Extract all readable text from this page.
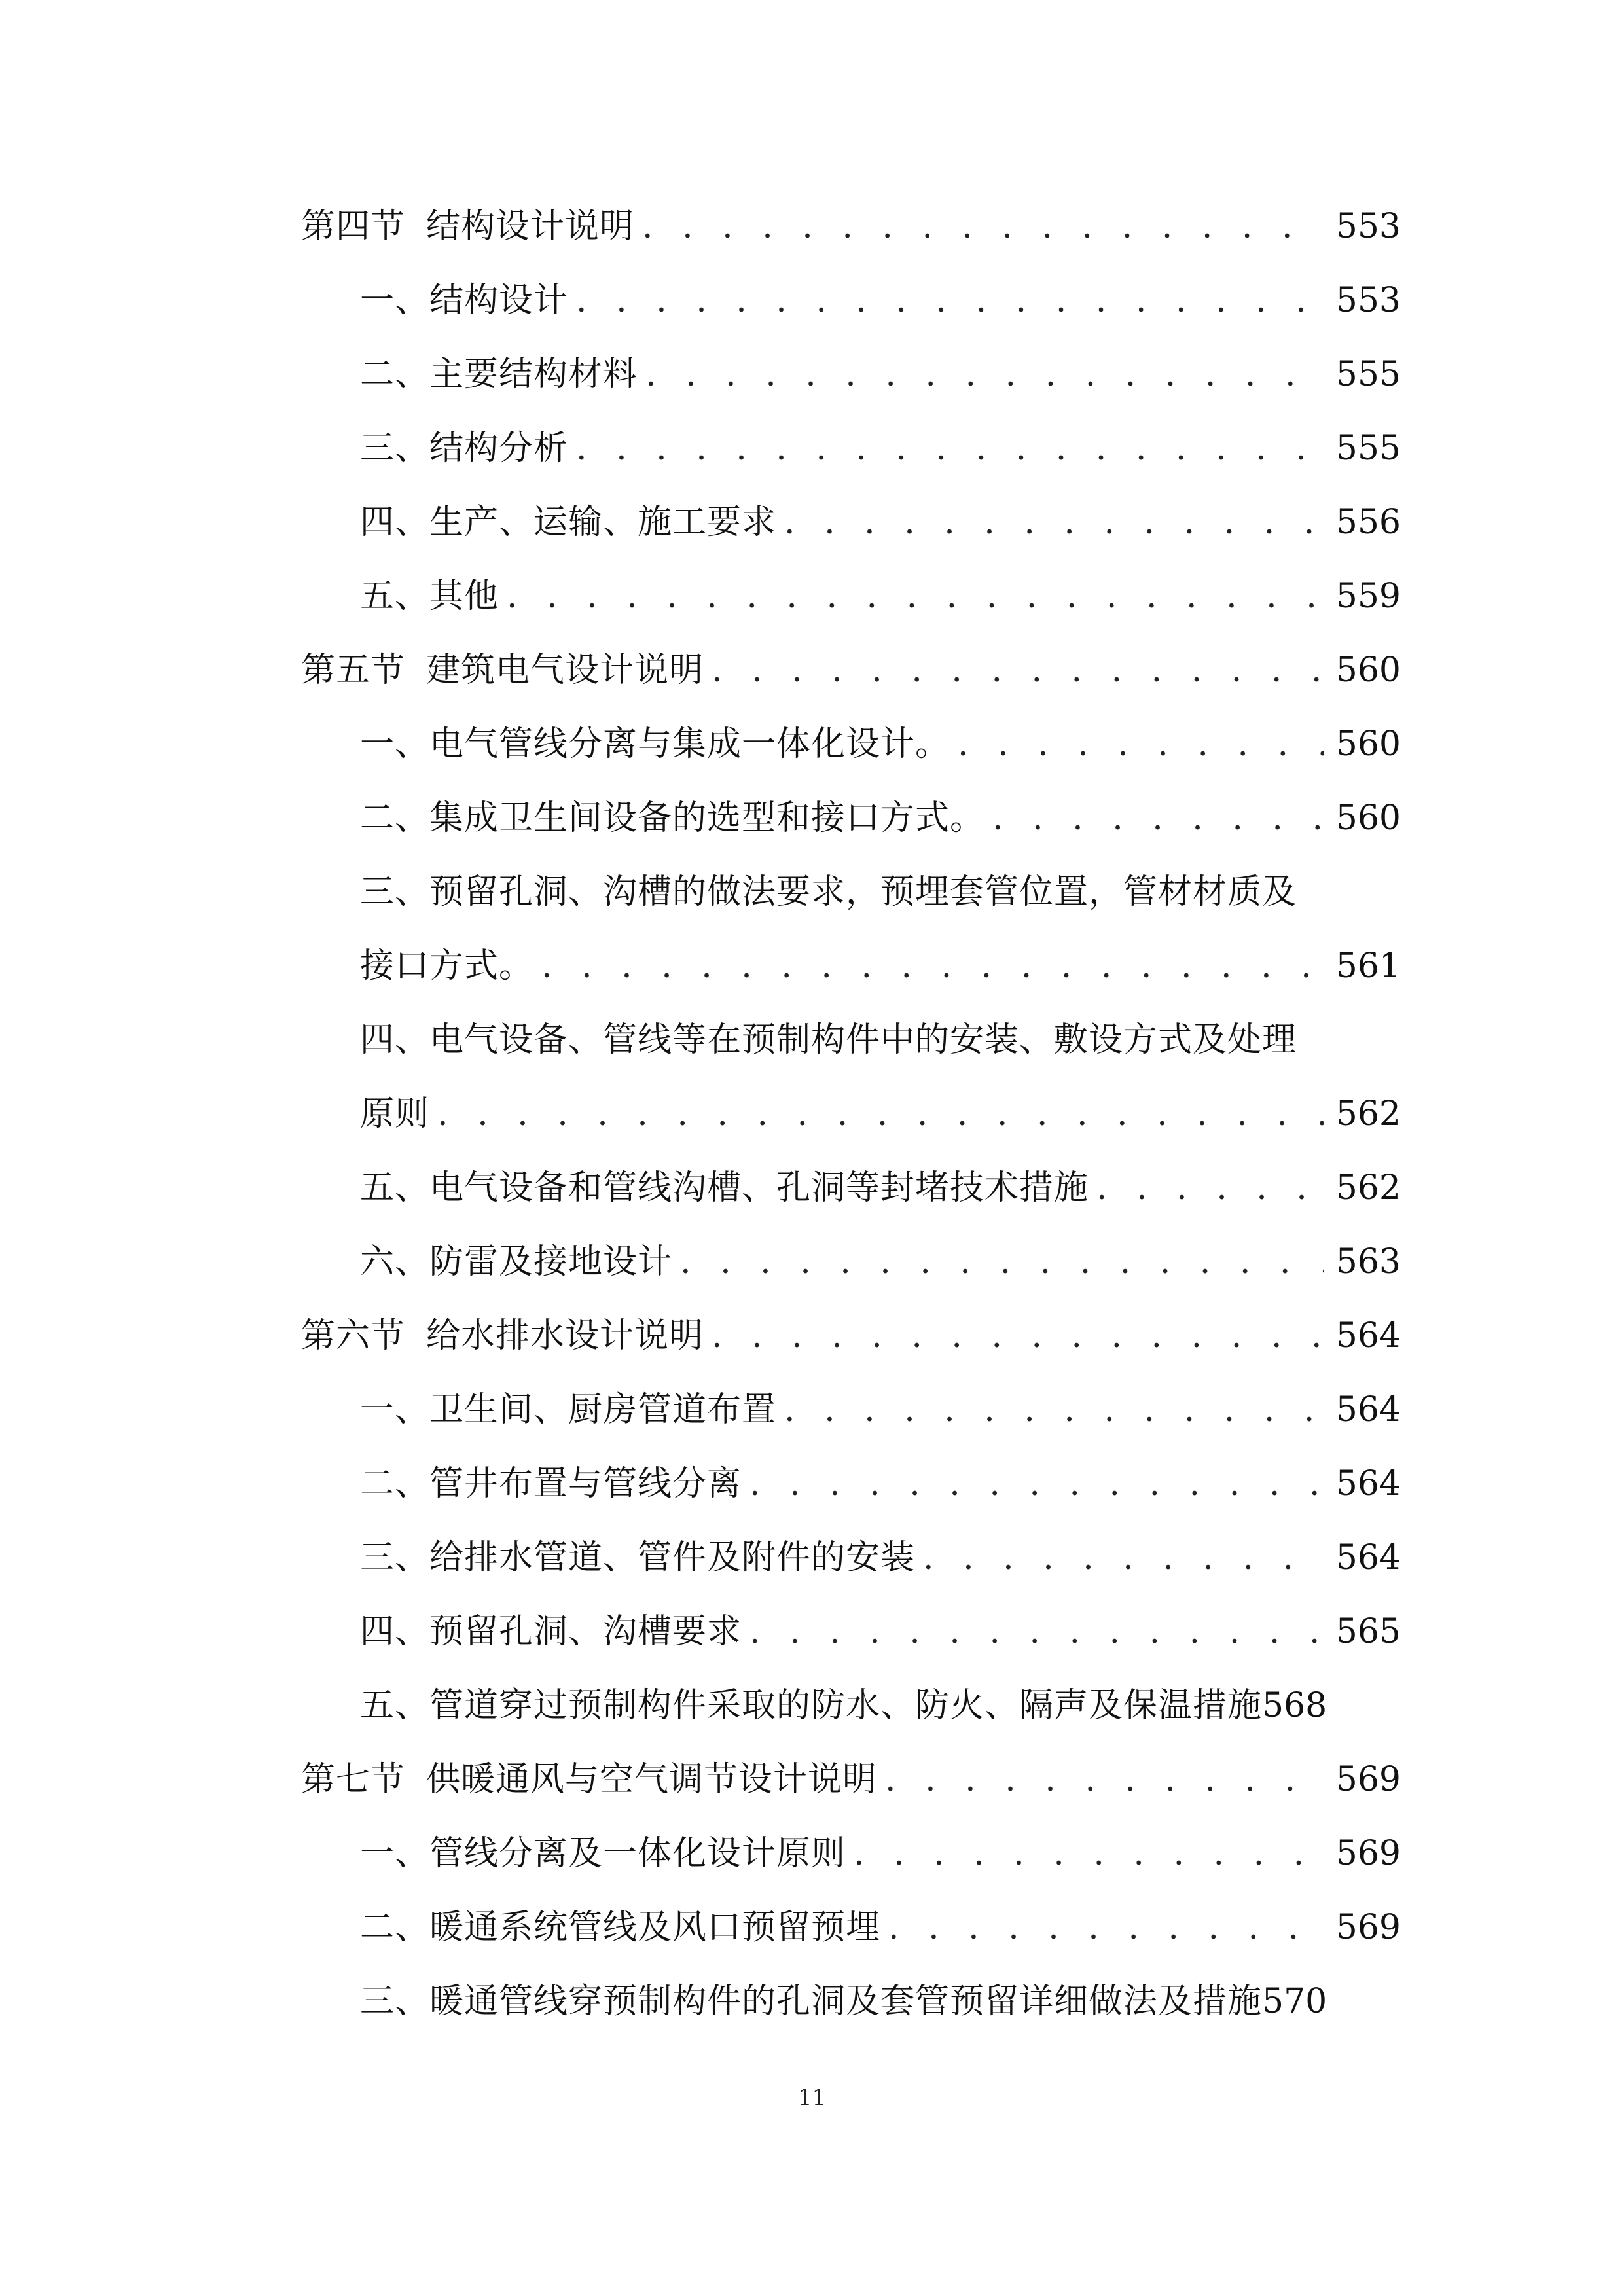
第四节 结构设计说明 . . .	553
一、结构设计 . . .	553
二、主要结构材料 . . .	555
三、结构分析 . . .	555
四、生产、运输、施工要求 . . .	556
五、其他 . . .	559
第五节 建筑电气设计说明 . . .	560
一、电气管线分离与集成一体化设计。 . . .	560
二、集成卫生间设备的选型和接口方式。 . . .	560
三、预留孔洞、沟槽的做法要求，预埋套管位置，管材材质及
接口方式。 . . .	561
四、电气设备、管线等在预制构件中的安装、敷设方式及处理
原则 . . .	562
五、电气设备和管线沟槽、孔洞等封堵技术措施 . . .	562
六、防雷及接地设计 . . .	563
第六节 给水排水设计说明 . . .	564
一、卫生间、厨房管道布置 . . .	564
二、管井布置与管线分离 . . .	564
三、给排水管道、管件及附件的安装 . . .	564
四、预留孔洞、沟槽要求 . . .	565
五、管道穿过预制构件采取的防水、防火、隔声及保温措施 568
第七节 供暖通风与空气调节设计说明 . . .	569
一、管线分离及一体化设计原则 . . .	569
二、暖通系统管线及风口预留预埋 . . .	569
三、暖通管线穿预制构件的孔洞及套管预留详细做法及措施 570
11
